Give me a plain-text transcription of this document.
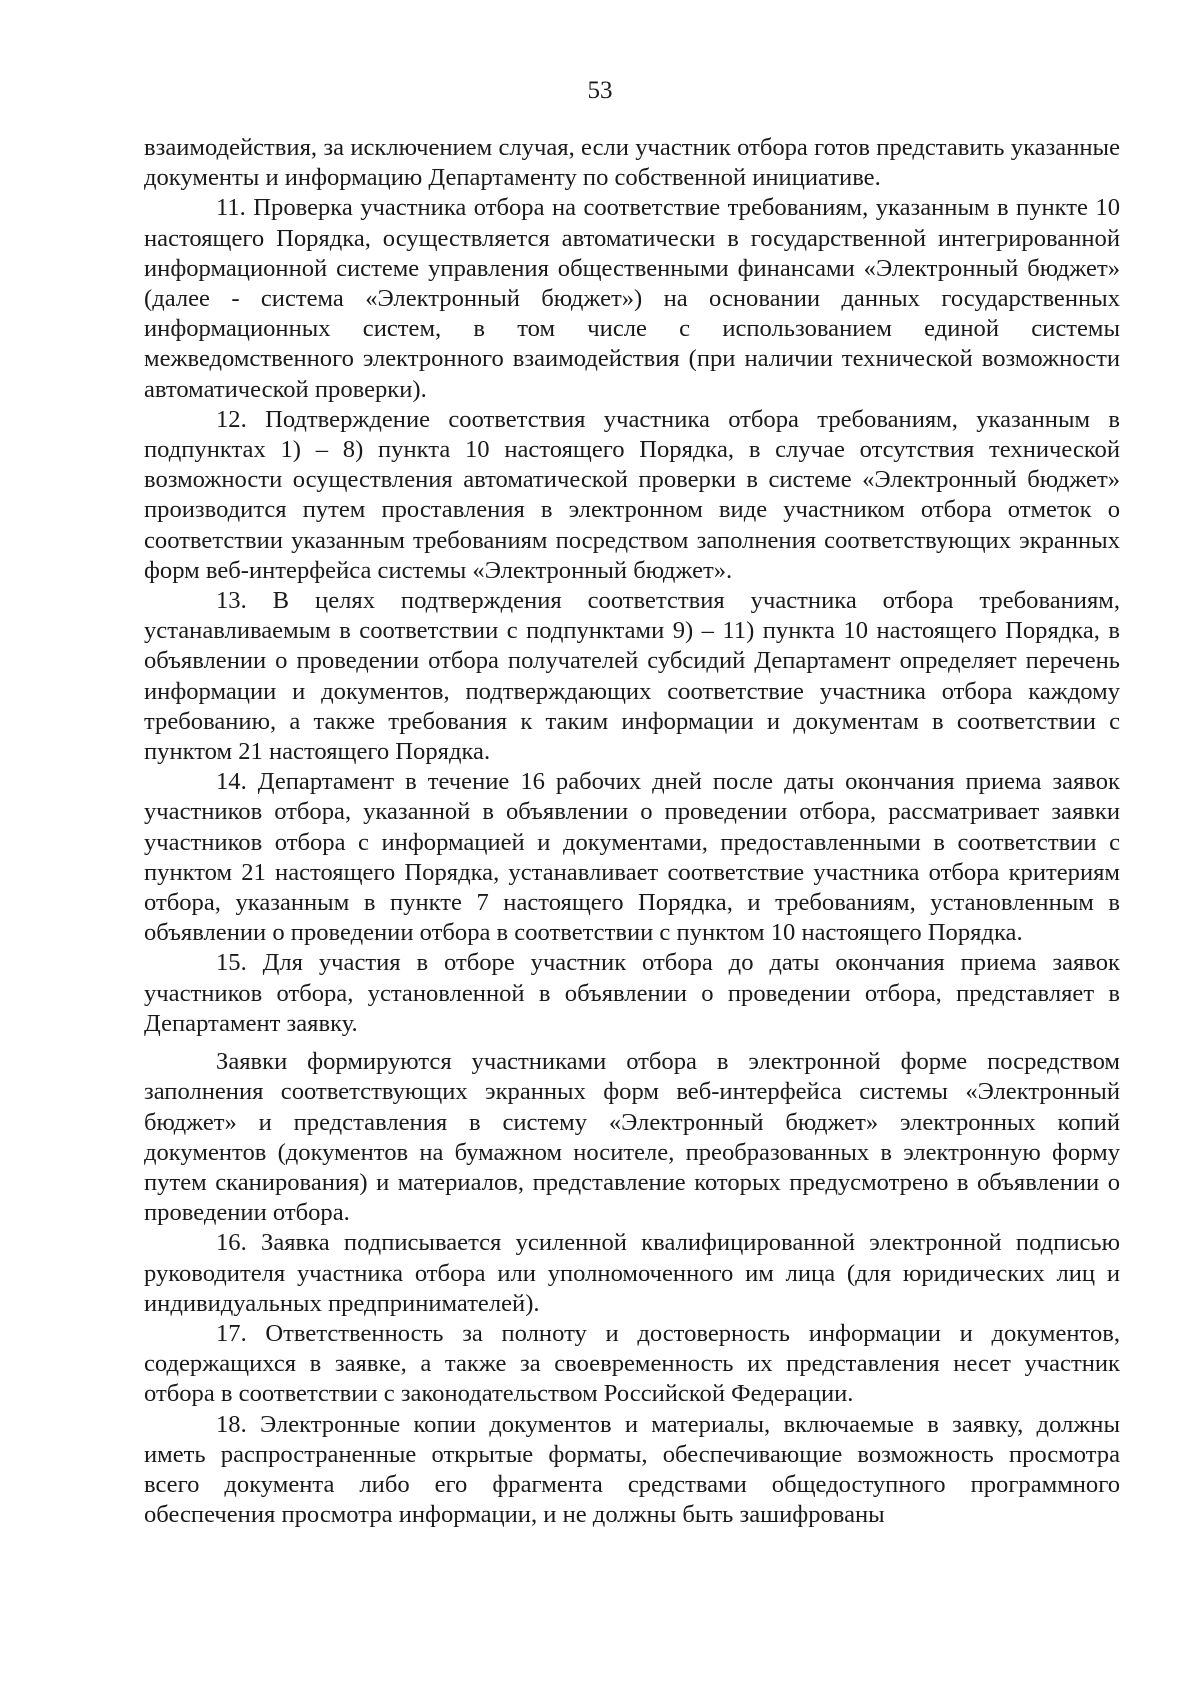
53

взаимодействия, за исключением случая, если участник отбора готов представить указанные документы и информацию Департаменту по собственной инициативе.

11. Проверка участника отбора на соответствие требованиям, указанным в пункте 10 настоящего Порядка, осуществляется автоматически в государственной интегрированной информационной системе управления общественными финансами «Электронный бюджет» (далее - система «Электронный бюджет») на основании данных государственных информационных систем, в том числе с использованием единой системы межведомственного электронного взаимодействия (при наличии технической возможности автоматической проверки).

12. Подтверждение соответствия участника отбора требованиям, указанным в подпунктах 1) – 8) пункта 10 настоящего Порядка, в случае отсутствия технической возможности осуществления автоматической проверки в системе «Электронный бюджет» производится путем проставления в электронном виде участником отбора отметок о соответствии указанным требованиям посредством заполнения соответствующих экранных форм веб-интерфейса системы «Электронный бюджет».

13. В целях подтверждения соответствия участника отбора требованиям, устанавливаемым в соответствии с подпунктами 9) – 11) пункта 10 настоящего Порядка, в объявлении о проведении отбора получателей субсидий Департамент определяет перечень информации и документов, подтверждающих соответствие участника отбора каждому требованию, а также требования к таким информации и документам в соответствии с пунктом 21 настоящего Порядка.

14. Департамент в течение 16 рабочих дней после даты окончания приема заявок участников отбора, указанной в объявлении о проведении отбора, рассматривает заявки участников отбора с информацией и документами, предоставленными в соответствии с пунктом 21 настоящего Порядка, устанавливает соответствие участника отбора критериям отбора, указанным в пункте 7 настоящего Порядка, и требованиям, установленным в объявлении о проведении отбора в соответствии с пунктом 10 настоящего Порядка.

15. Для участия в отборе участник отбора до даты окончания приема заявок участников отбора, установленной в объявлении о проведении отбора, представляет в Департамент заявку.

Заявки формируются участниками отбора в электронной форме посредством заполнения соответствующих экранных форм веб-интерфейса системы «Электронный бюджет» и представления в систему «Электронный бюджет» электронных копий документов (документов на бумажном носителе, преобразованных в электронную форму путем сканирования) и материалов, представление которых предусмотрено в объявлении о проведении отбора.

16. Заявка подписывается усиленной квалифицированной электронной подписью руководителя участника отбора или уполномоченного им лица (для юридических лиц и индивидуальных предпринимателей).

17. Ответственность за полноту и достоверность информации и документов, содержащихся в заявке, а также за своевременность их представления несет участник отбора в соответствии с законодательством Российской Федерации.

18. Электронные копии документов и материалы, включаемые в заявку, должны иметь распространенные открытые форматы, обеспечивающие возможность просмотра всего документа либо его фрагмента средствами общедоступного программного обеспечения просмотра информации, и не должны быть зашифрованы
